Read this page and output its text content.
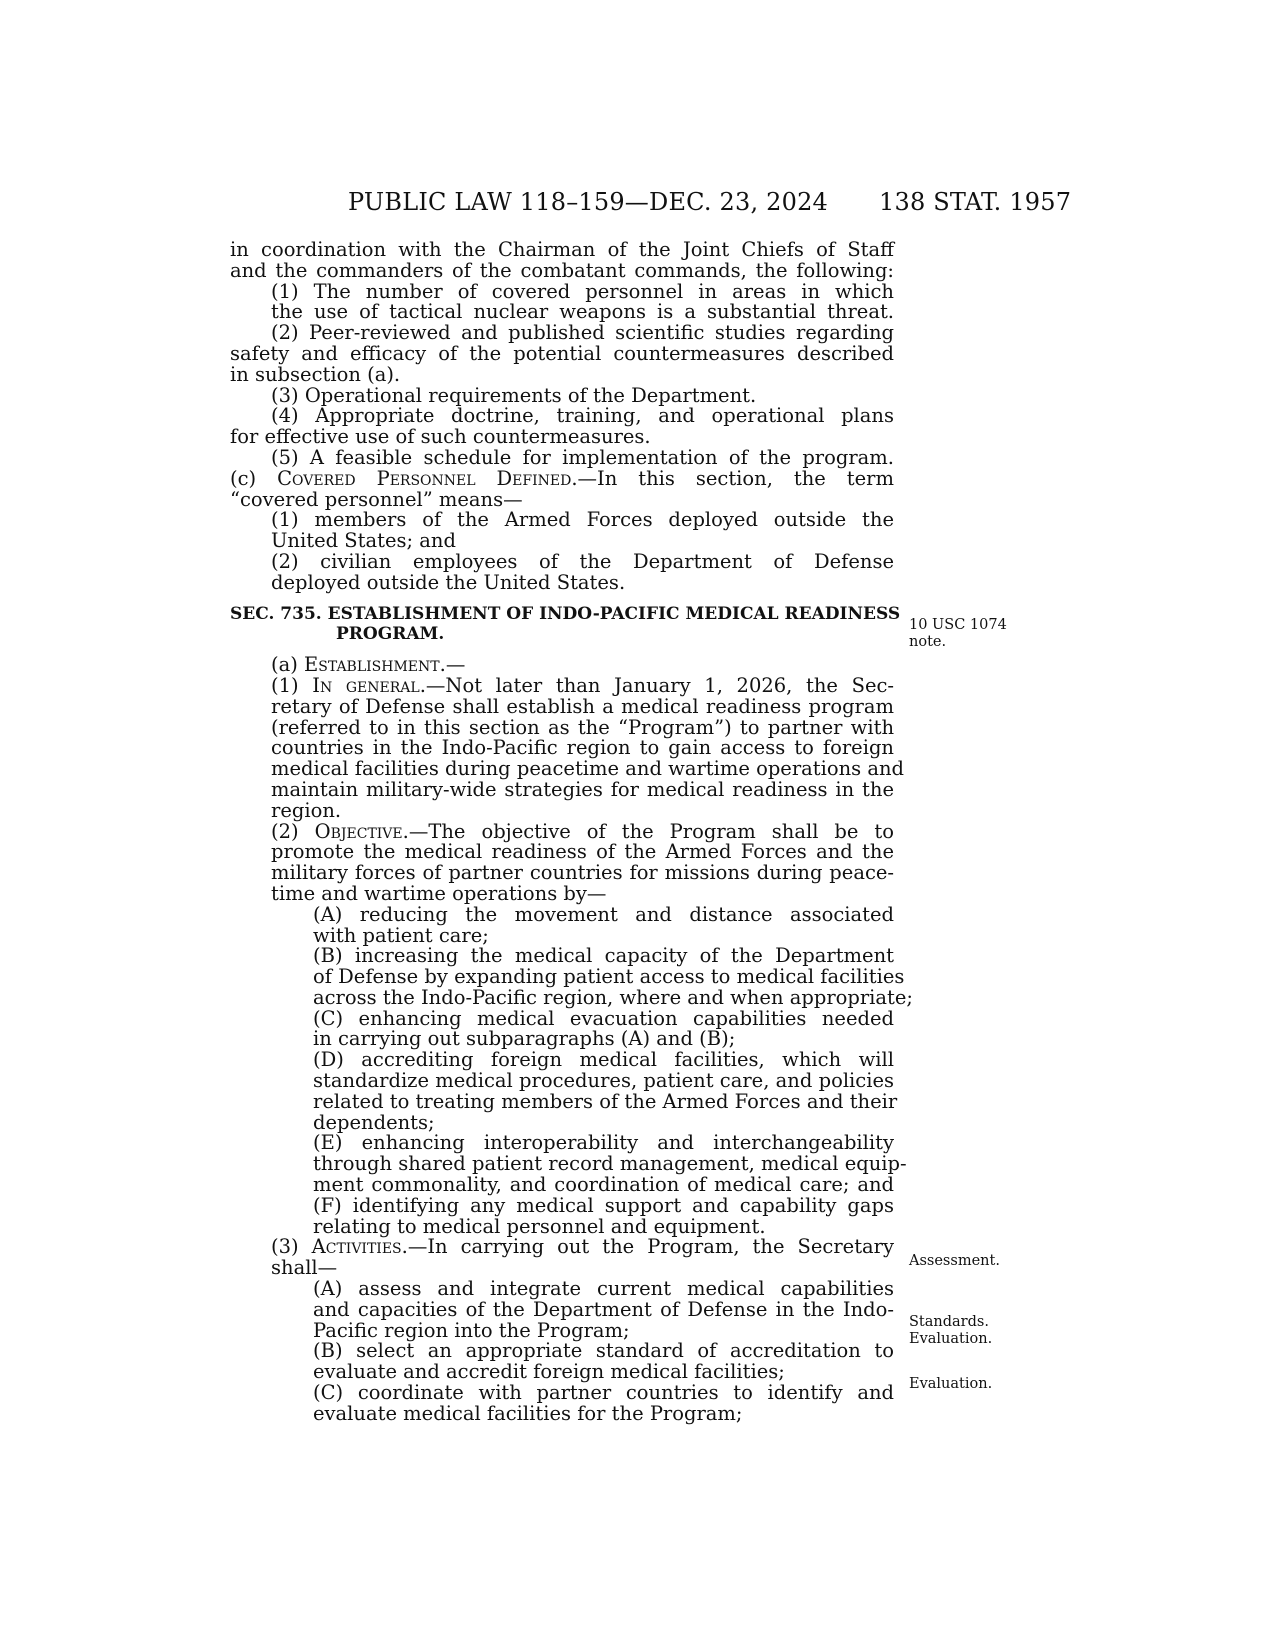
PUBLIC LAW 118–159—DEC. 23, 2024 138 STAT. 1957
in coordination with the Chairman of the Joint Chiefs of Staff
and the commanders of the combatant commands, the following:
(1) The number of covered personnel in areas in which
the use of tactical nuclear weapons is a substantial threat.
(2) Peer-reviewed and published scientific studies regarding
safety and efficacy of the potential countermeasures described
in subsection (a).
(3) Operational requirements of the Department.
(4) Appropriate doctrine, training, and operational plans
for effective use of such countermeasures.
(5) A feasible schedule for implementation of the program.
(c) Covered Personnel Defined.—In this section, the term
“covered personnel” means—
(1) members of the Armed Forces deployed outside the
United States; and
(2) civilian employees of the Department of Defense
deployed outside the United States.
SEC. 735. ESTABLISHMENT OF INDO-PACIFIC MEDICAL READINESS
PROGRAM.
(a) Establishment.—
(1) In general.—Not later than January 1, 2026, the Sec-
retary of Defense shall establish a medical readiness program
(referred to in this section as the “Program”) to partner with
countries in the Indo-Pacific region to gain access to foreign
medical facilities during peacetime and wartime operations and
maintain military-wide strategies for medical readiness in the
region.
(2) Objective.—The objective of the Program shall be to
promote the medical readiness of the Armed Forces and the
military forces of partner countries for missions during peace-
time and wartime operations by—
(A) reducing the movement and distance associated
with patient care;
(B) increasing the medical capacity of the Department
of Defense by expanding patient access to medical facilities
across the Indo-Pacific region, where and when appropriate;
(C) enhancing medical evacuation capabilities needed
in carrying out subparagraphs (A) and (B);
(D) accrediting foreign medical facilities, which will
standardize medical procedures, patient care, and policies
related to treating members of the Armed Forces and their
dependents;
(E) enhancing interoperability and interchangeability
through shared patient record management, medical equip-
ment commonality, and coordination of medical care; and
(F) identifying any medical support and capability gaps
relating to medical personnel and equipment.
(3) Activities.—In carrying out the Program, the Secretary
shall—
(A) assess and integrate current medical capabilities
and capacities of the Department of Defense in the Indo-
Pacific region into the Program;
(B) select an appropriate standard of accreditation to
evaluate and accredit foreign medical facilities;
(C) coordinate with partner countries to identify and
evaluate medical facilities for the Program;
10 USC 1074
note.
Assessment.
Standards.
Evaluation.
Evaluation.
